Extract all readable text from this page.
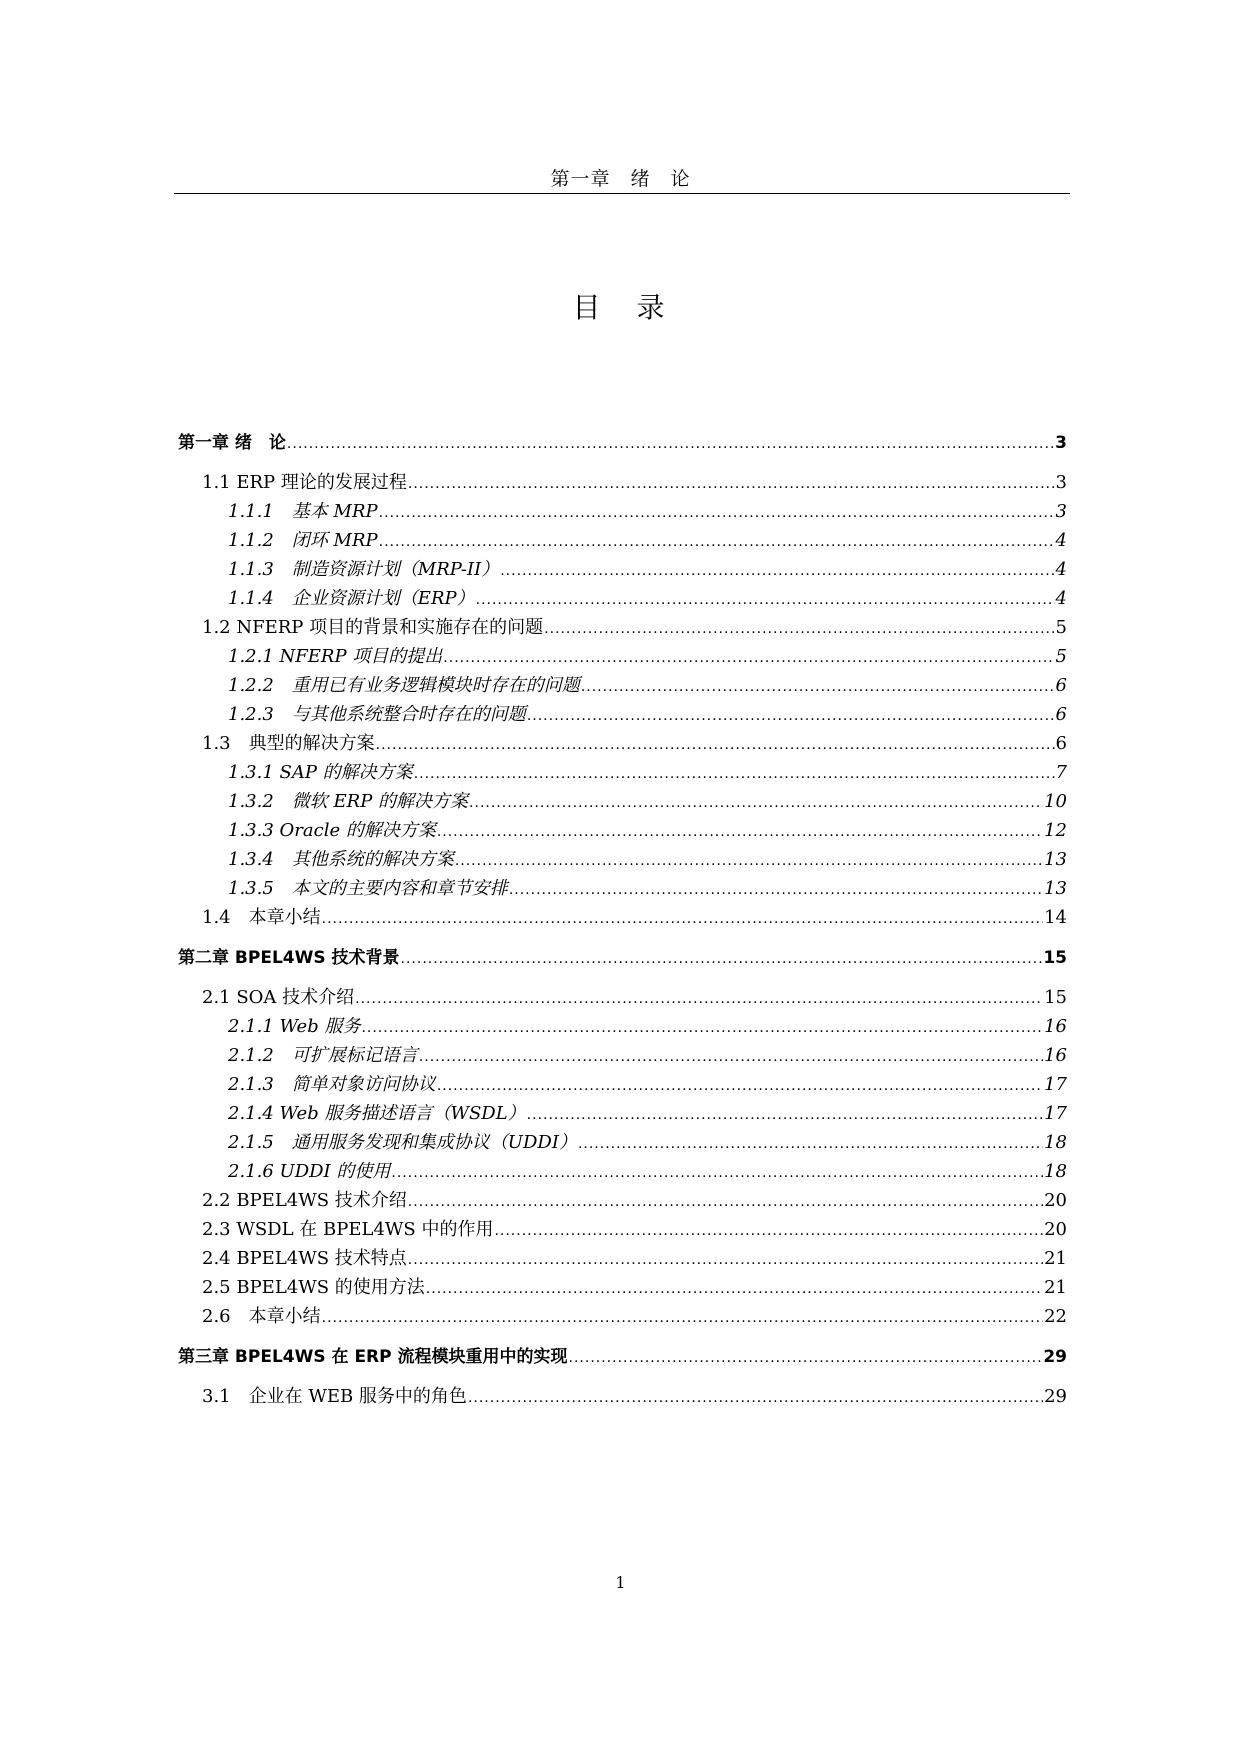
第一章　绪　论
目　录
第一章 绪　论 .....	3
1.1 ERP 理论的发展过程 .....	3
1.1.1　基本 MRP .....	3
1.1.2　闭环 MRP .....	4
1.1.3　制造资源计划（MRP-II） .....	4
1.1.4　企业资源计划（ERP） .....	4
1.2 NFERP 项目的背景和实施存在的问题 .....	5
1.2.1 NFERP 项目的提出 .....	5
1.2.2　重用已有业务逻辑模块时存在的问题 .....	6
1.2.3　与其他系统整合时存在的问题 .....	6
1.3　典型的解决方案 .....	6
1.3.1 SAP 的解决方案 .....	7
1.3.2　微软 ERP 的解决方案 .....	10
1.3.3 Oracle 的解决方案 .....	12
1.3.4　其他系统的解决方案 .....	13
1.3.5　本文的主要内容和章节安排 .....	13
1.4　本章小结 .....	14
第二章 BPEL4WS 技术背景 .....	15
2.1 SOA 技术介绍 .....	15
2.1.1 Web 服务 .....	16
2.1.2　可扩展标记语言 .....	16
2.1.3　简单对象访问协议 .....	17
2.1.4 Web 服务描述语言（WSDL） .....	17
2.1.5　通用服务发现和集成协议（UDDI） .....	18
2.1.6 UDDI 的使用 .....	18
2.2 BPEL4WS 技术介绍 .....	20
2.3 WSDL 在 BPEL4WS 中的作用 .....	20
2.4 BPEL4WS 技术特点 .....	21
2.5 BPEL4WS 的使用方法 .....	21
2.6　本章小结 .....	22
第三章 BPEL4WS 在 ERP 流程模块重用中的实现 .....	29
3.1　企业在 WEB 服务中的角色 .....	29
1
